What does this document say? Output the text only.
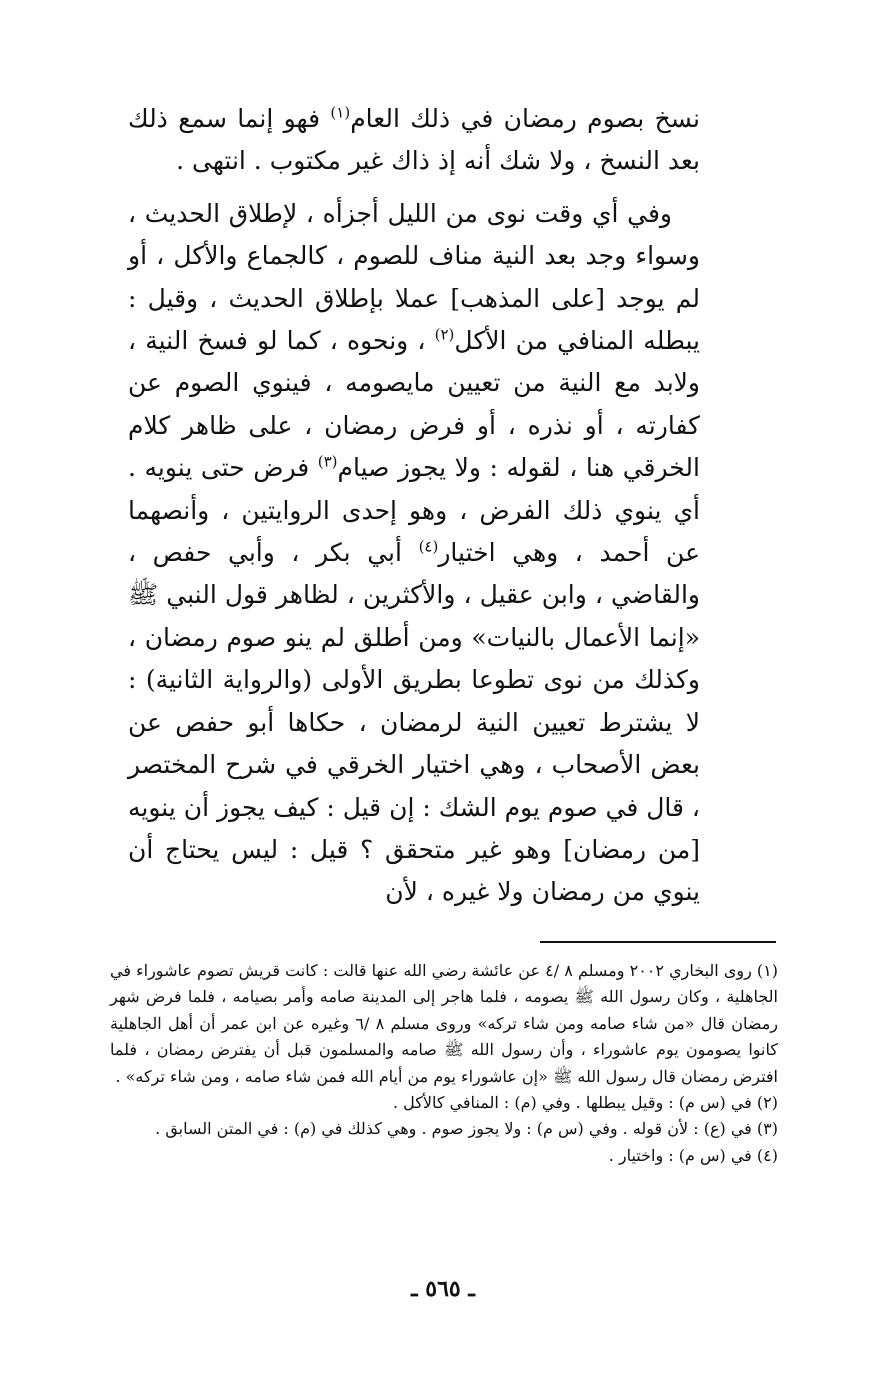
نسخ بصوم رمضان في ذلك العام$^{(١)}$ فهو إنما سمع ذلك بعد النسخ ، ولا شك أنه إذ ذاك غير مكتوب . انتهى .

وفي أي وقت نوى من الليل أجزأه ، لإطلاق الحديث ، وسواء وجد بعد النية مناف للصوم ، كالجماع والأكل ، أو لم يوجد [على المذهب] عملا بإطلاق الحديث ، وقيل : يبطله المنافي من الأكل$^{(٢)}$ ، ونحوه ، كما لو فسخ النية ، ولابد مع النية من تعيين مايصومه ، فينوي الصوم عن كفارته ، أو نذره ، أو فرض رمضان ، على ظاهر كلام الخرقي هنا ، لقوله : ولا يجوز صيام$^{(٣)}$ فرض حتى ينويه . أي ينوي ذلك الفرض ، وهو إحدى الروايتين ، وأنصهما عن أحمد ، وهي اختيار$^{(٤)}$ أبي بكر ، وأبي حفص ، والقاضي ، وابن عقيل ، والأكثرين ، لظاهر قول النبي ﷺ «إنما الأعمال بالنيات» ومن أطلق لم ينو صوم رمضان ، وكذلك من نوى تطوعا بطريق الأولى (والرواية الثانية) : لا يشترط تعيين النية لرمضان ، حكاها أبو حفص عن بعض الأصحاب ، وهي اختيار الخرقي في شرح المختصر ، قال في صوم يوم الشك : إن قيل : كيف يجوز أن ينويه [من رمضان] وهو غير متحقق ؟ قيل : ليس يحتاج أن ينوي من رمضان ولا غيره ، لأن

(١) روى البخاري ٢٠٠٢ ومسلم ٨ /٤ عن عائشة رضي الله عنها قالت : كانت قريش تصوم عاشوراء في الجاهلية ، وكان رسول الله ﷺ يصومه ، فلما هاجر إلى المدينة صامه وأمر بصيامه ، فلما فرض شهر رمضان قال «من شاء صامه ومن شاء تركه» وروى مسلم ٨ /٦ وغيره عن ابن عمر أن أهل الجاهلية كانوا يصومون يوم عاشوراء ، وأن رسول الله ﷺ صامه والمسلمون قبل أن يفترض رمضان ، فلما افترض رمضان قال رسول الله ﷺ «إن عاشوراء يوم من أيام الله فمن شاء صامه ، ومن شاء تركه» .

(٢) في (س م) : وقيل يبطلها . وفي (م) : المنافي كالأكل .

(٣) في (ع) : لأن قوله . وفي (س م) : ولا يجوز صوم . وهي كذلك في (م) : في المتن السابق .

(٤) في (س م) : واختيار .

ـ ٥٦٥ ـ
